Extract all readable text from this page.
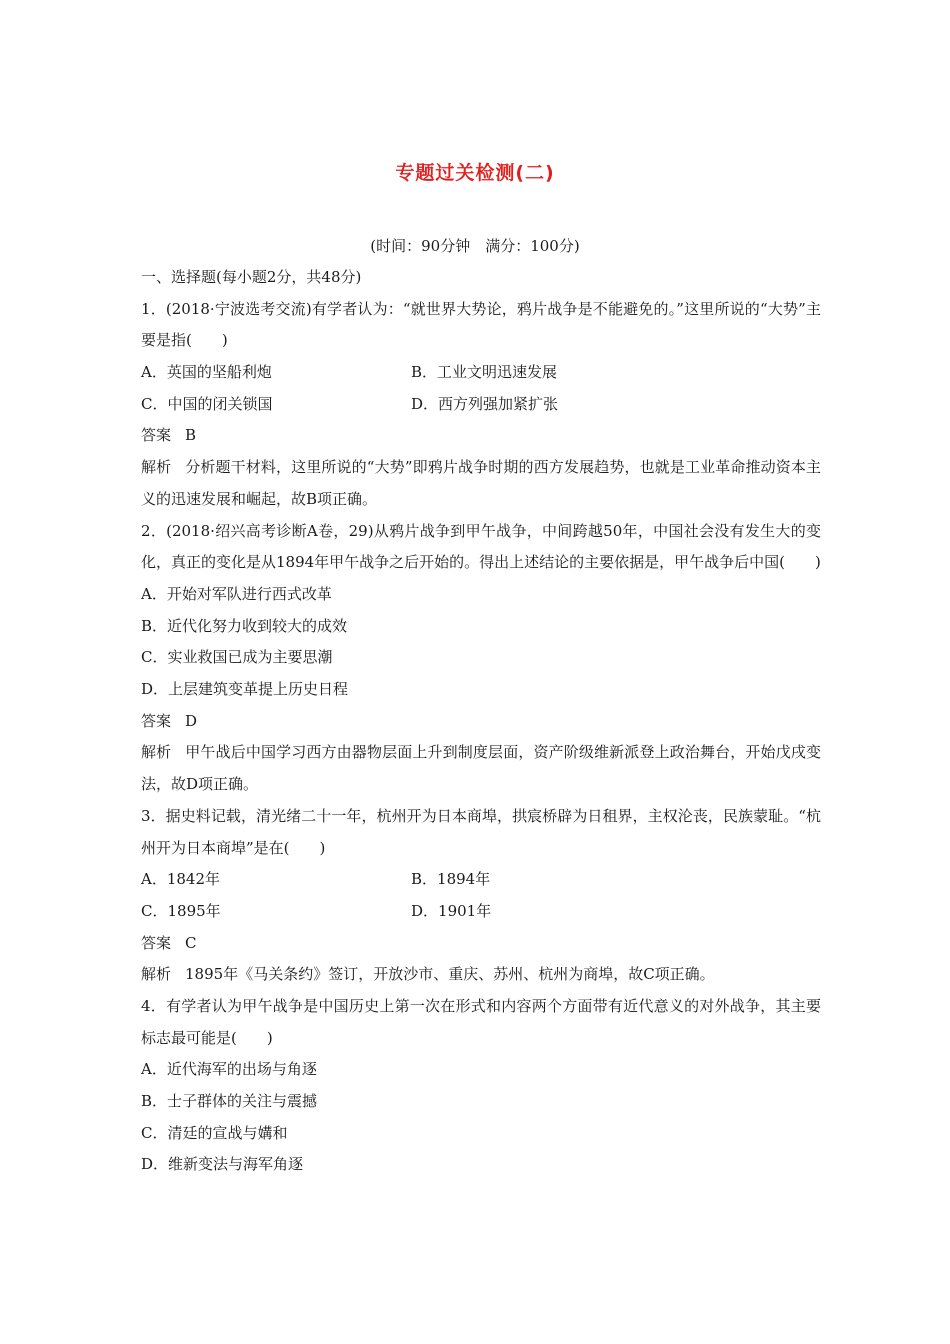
专题过关检测(二)
(时间：90分钟　满分：100分)
一、选择题(每小题2分，共48分)
1．(2018·宁波选考交流)有学者认为：“就世界大势论，鸦片战争是不能避免的。”这里所说的“大势”主要是指(　　)
A．英国的坚船利炮	B．工业文明迅速发展
C．中国的闭关锁国	D．西方列强加紧扩张
答案 B
解析 分析题干材料，这里所说的“大势”即鸦片战争时期的西方发展趋势，也就是工业革命推动资本主义的迅速发展和崛起，故B项正确。
2．(2018·绍兴高考诊断A卷，29)从鸦片战争到甲午战争，中间跨越50年，中国社会没有发生大的变化，真正的变化是从1894年甲午战争之后开始的。得出上述结论的主要依据是，甲午战争后中国(　　)
A．开始对军队进行西式改革
B．近代化努力收到较大的成效
C．实业救国已成为主要思潮
D．上层建筑变革提上历史日程
答案 D
解析 甲午战后中国学习西方由器物层面上升到制度层面，资产阶级维新派登上政治舞台，开始戊戌变法，故D项正确。
3．据史料记载，清光绪二十一年，杭州开为日本商埠，拱宸桥辟为日租界，主权沦丧，民族蒙耻。“杭州开为日本商埠”是在(　　)
A．1842年	B．1894年
C．1895年	D．1901年
答案 C
解析 1895年《马关条约》签订，开放沙市、重庆、苏州、杭州为商埠，故C项正确。
4．有学者认为甲午战争是中国历史上第一次在形式和内容两个方面带有近代意义的对外战争，其主要标志最可能是(　　)
A．近代海军的出场与角逐
B．士子群体的关注与震撼
C．清廷的宣战与媾和
D．维新变法与海军角逐
